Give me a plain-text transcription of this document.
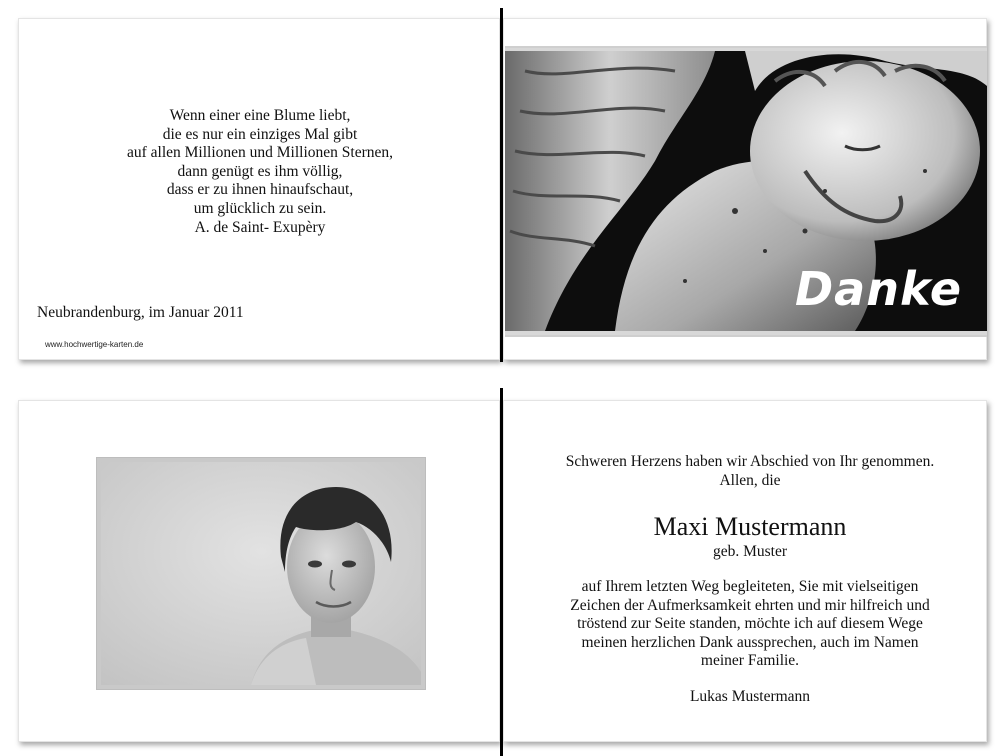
Wenn einer eine Blume liebt,
die es nur ein einziges Mal gibt
auf allen Millionen und Millionen Sternen,
dann genügt es ihm völlig,
dass er zu ihnen hinaufschaut,
um glücklich zu sein.
A. de Saint- Exupèry
Neubrandenburg, im Januar 2011
www.hochwertige-karten.de
Danke
Schweren Herzens haben wir Abschied von Ihr genommen.
Allen, die
Maxi Mustermann
geb. Muster
auf Ihrem letzten Weg begleiteten, Sie mit vielseitigen
Zeichen der Aufmerksamkeit ehrten und mir hilfreich und
tröstend zur Seite standen, möchte ich auf diesem Wege
meinen herzlichen Dank aussprechen, auch im Namen
meiner Familie.
Lukas Mustermann
